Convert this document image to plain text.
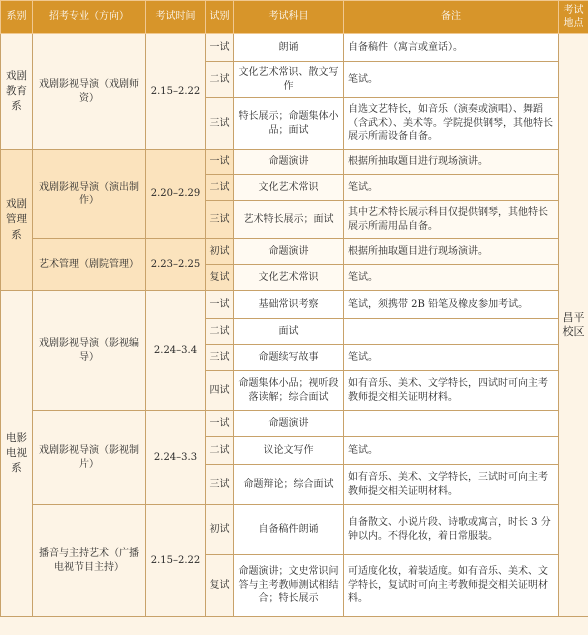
系别	招考专业（方向）	考试时间	试别	考试科目	备注	考试地点
戏剧教育系	戏剧影视导演（戏剧师资）	2.15–2.22	一试	朗诵	自备稿件（寓言或童话）。	昌平校区
			二试	文化艺术常识、散文写作	笔试。	
			三试	特长展示；命题集体小品；面试	自选文艺特长，如音乐（演奏或演唱）、舞蹈（含武术）、美术等。学院提供钢琴，其他特长展示所需设备自备。	
戏剧管理系	戏剧影视导演（演出制作）	2.20–2.29	一试	命题演讲	根据所抽取题目进行现场演讲。	
			二试	文化艺术常识	笔试。	
			三试	艺术特长展示；面试	其中艺术特长展示科目仅提供钢琴，其他特长展示所需用品自备。	
	艺术管理（剧院管理）	2.23–2.25	初试	命题演讲	根据所抽取题目进行现场演讲。	
			复试	文化艺术常识	笔试。	
电影电视系	戏剧影视导演（影视编导）	2.24–3.4	一试	基础常识考察	笔试，须携带 2B 铅笔及橡皮参加考试。	
			二试	面试		
			三试	命题续写故事	笔试。	
			四试	命题集体小品；视听段落读解；综合面试	如有音乐、美术、文学特长，四试时可向主考教师提交相关证明材料。	
	戏剧影视导演（影视制片）	2.24–3.3	一试	命题演讲		
			二试	议论文写作	笔试。	
			三试	命题辩论；综合面试	如有音乐、美术、文学特长，三试时可向主考教师提交相关证明材料。	
	播音与主持艺术（广播电视节目主持）	2.15–2.22	初试	自备稿件朗诵	自备散文、小说片段、诗歌或寓言，时长 3 分钟以内。不得化妆，着日常服装。	
			复试	命题演讲；文史常识问答与主考教师测试相结合；特长展示	可适度化妆，着装适度。如有音乐、美术、文学特长，复试时可向主考教师提交相关证明材料。	
